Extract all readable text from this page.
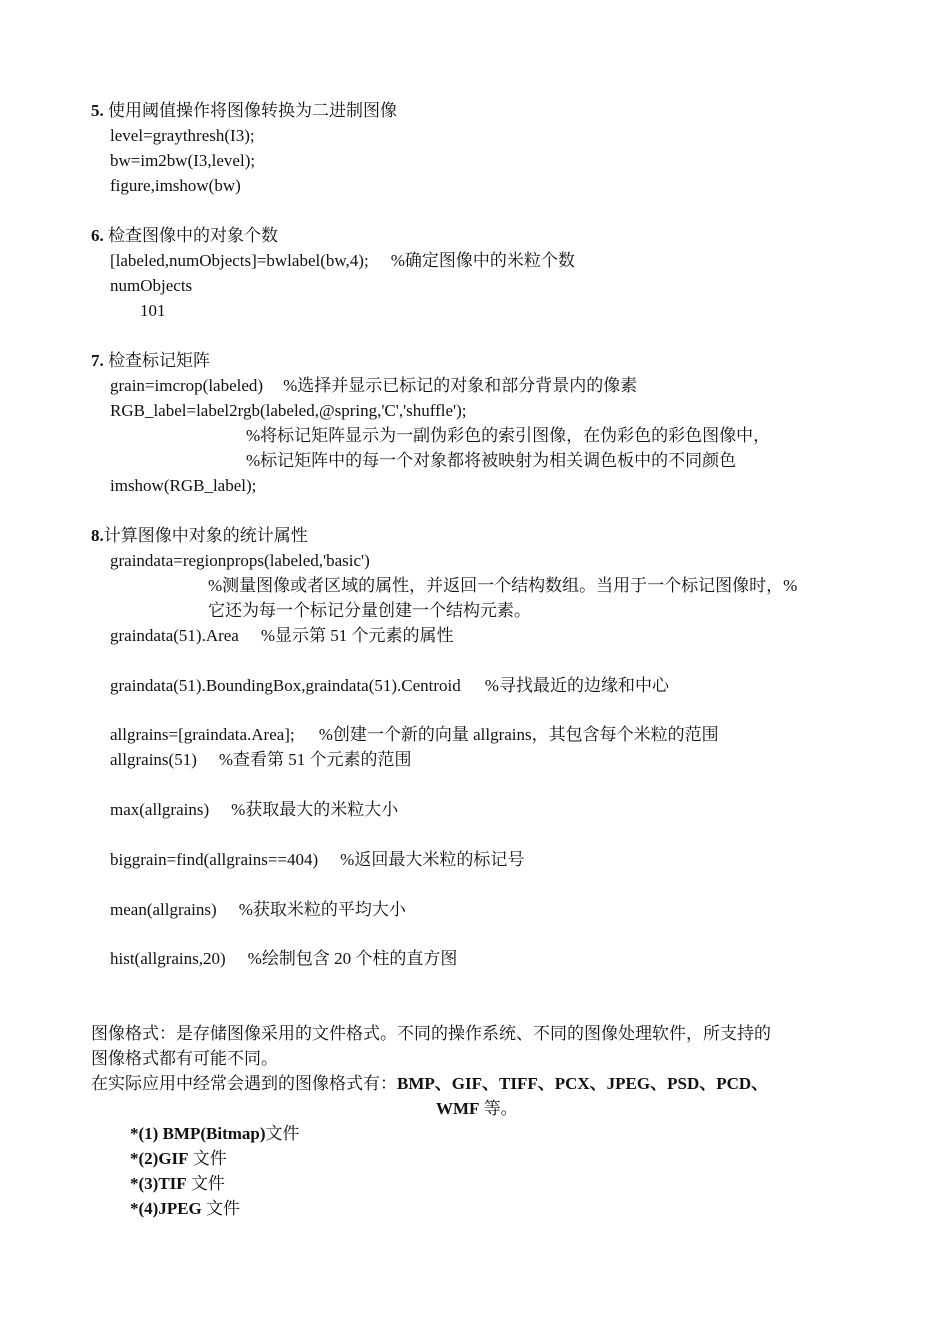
5. 使用阈值操作将图像转换为二进制图像
level=graythresh(I3);
bw=im2bw(I3,level);
figure,imshow(bw)
6. 检查图像中的对象个数
[labeled,numObjects]=bwlabel(bw,4); %确定图像中的米粒个数
numObjects
101
7. 检查标记矩阵
grain=imcrop(labeled) %选择并显示已标记的对象和部分背景内的像素
RGB_label=label2rgb(labeled,@spring,'C','shuffle');
%将标记矩阵显示为一副伪彩色的索引图像，在伪彩色的彩色图像中，
%标记矩阵中的每一个对象都将被映射为相关调色板中的不同颜色
imshow(RGB_label);
8.计算图像中对象的统计属性
graindata=regionprops(labeled,'basic')
%测量图像或者区域的属性，并返回一个结构数组。当用于一个标记图像时，%
它还为每一个标记分量创建一个结构元素。
graindata(51).Area %显示第 51 个元素的属性
graindata(51).BoundingBox,graindata(51).Centroid %寻找最近的边缘和中心
allgrains=[graindata.Area]; %创建一个新的向量 allgrains，其包含每个米粒的范围
allgrains(51) %查看第 51 个元素的范围
max(allgrains) %获取最大的米粒大小
biggrain=find(allgrains==404) %返回最大米粒的标记号
mean(allgrains) %获取米粒的平均大小
hist(allgrains,20) %绘制包含 20 个柱的直方图
图像格式：是存储图像采用的文件格式。不同的操作系统、不同的图像处理软件，所支持的
图像格式都有可能不同。
在实际应用中经常会遇到的图像格式有：BMP、GIF、TIFF、PCX、JPEG、PSD、PCD、
WMF 等。
*(1) BMP(Bitmap)文件
*(2)GIF 文件
*(3)TIF 文件
*(4)JPEG 文件
